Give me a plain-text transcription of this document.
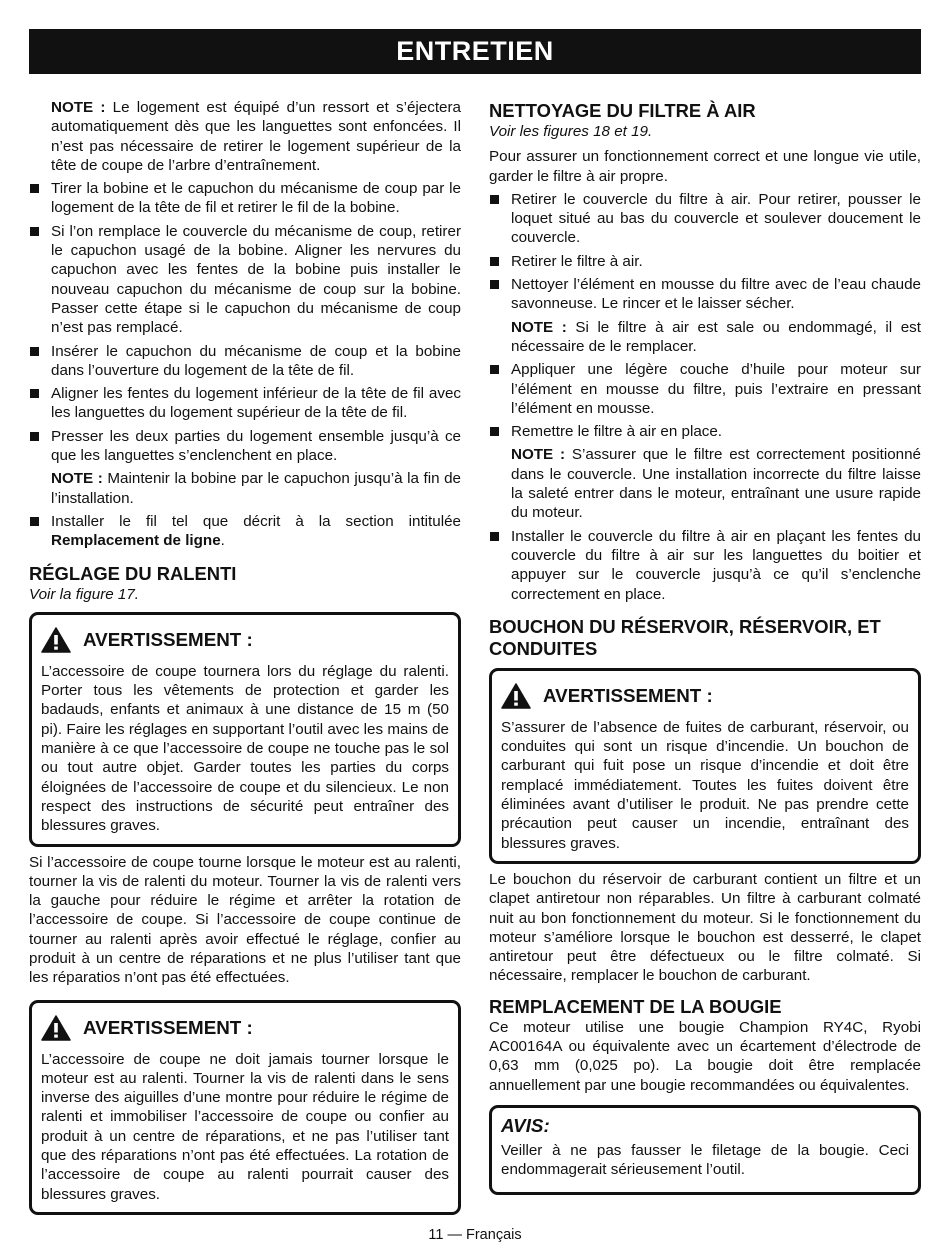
ENTRETIEN

NOTE : Le logement est équipé d’un ressort et s’éjectera automatiquement dès que les languettes sont enfoncées. Il n’est pas nécessaire de retirer le logement supérieur de la tête de coupe de l’arbre d’entraînement.

Tirer la bobine et le capuchon du mécanisme de coup par le logement de la tête de fil et retirer le fil de la bobine.
Si l’on remplace le couvercle du mécanisme de coup, retirer le capuchon usagé de la bobine. Aligner les nervures du capuchon avec les fentes de la bobine puis installer le nouveau capuchon du mécanisme de coup sur la bobine. Passer cette étape si le capuchon du mécanisme de coup n’est pas remplacé.
Insérer le capuchon du mécanisme de coup et la bobine dans l’ouverture du logement de la tête de fil.
Aligner les fentes du logement inférieur de la tête de fil avec les languettes du logement supérieur de la tête de fil.
Presser les deux parties du logement ensemble jusqu’à ce que les languettes s’enclenchent en place.

NOTE : Maintenir la bobine par le capuchon jusqu’à la fin de l’installation.

Installer le fil tel que décrit à la section intitulée Remplacement de ligne.
RÉGLAGE DU RALENTI

Voir la figure 17.

AVERTISSEMENT :

L’accessoire de coupe tournera lors du réglage du ralenti. Porter tous les vêtements de protection et garder les badauds, enfants et animaux à une distance de 15 m (50 pi). Faire les réglages en supportant l’outil avec les mains de manière à ce que l’accessoire de coupe ne touche pas le sol ou tout autre objet. Garder toutes les parties du corps éloignées de l’accessoire de coupe et du silencieux. Le non respect des instructions de sécurité peut entraîner des blessures graves.

Si l’accessoire de coupe tourne lorsque le moteur est au ralenti, tourner la vis de ralenti du moteur. Tourner la vis de ralenti vers la gauche pour réduire le régime et arrêter la rotation de l’accessoire de coupe. Si l’accessoire de coupe continue de tourner au ralenti après avoir effectué le réglage, confier au produit à un centre de réparations et ne plus l’utiliser tant que les réparatios n’ont pas été effectuées.

AVERTISSEMENT :

L’accessoire de coupe ne doit jamais tourner lorsque le moteur est au ralenti. Tourner la vis de ralenti dans le sens inverse des aiguilles d’une montre pour réduire le régime de ralenti et immobiliser l’accessoire de coupe ou confier au produit à un centre de réparations, et ne pas l’utiliser tant que des réparations n’ont pas été effectuées. La rotation de l’accessoire de coupe au ralenti pourrait causer des blessures graves.

NETTOYAGE DU FILTRE À AIR

Voir les figures 18 et 19.

Pour assurer un fonctionnement correct et une longue vie utile, garder le filtre à air propre.

Retirer le couvercle du filtre à air. Pour retirer, pousser le loquet situé au bas du couvercle et soulever doucement le couvercle.
Retirer le filtre à air.
Nettoyer l’élément en mousse du filtre avec de l’eau chaude savonneuse. Le rincer et le laisser sécher.

NOTE : Si le filtre à air est sale ou endommagé, il est nécessaire de le remplacer.

Appliquer une légère couche d’huile pour moteur sur l’élément en mousse du filtre, puis l’extraire en pressant l’élément en mousse.
Remettre le filtre à air en place.

NOTE : S’assurer que le filtre est correctement positionné dans le couvercle. Une installation incorrecte du filtre laisse la saleté entrer dans le moteur, entraînant une usure rapide du moteur.

Installer le couvercle du filtre à air en plaçant les fentes du couvercle du filtre à air sur les languettes du boitier et appuyer sur le couvercle jusqu’à ce qu’il s’enclenche correctement en place.
BOUCHON DU RÉSERVOIR, RÉSERVOIR, ET CONDUITES
AVERTISSEMENT :

S’assurer de l’absence de fuites de carburant, réservoir, ou conduites qui sont un risque d’incendie. Un bouchon de carburant qui fuit pose un risque d’incendie et doit être remplacé immédiatement. Toutes les fuites doivent être éliminées avant d’utiliser le produit. Ne pas prendre cette précaution peut causer un incendie, entraînant des blessures graves.

Le bouchon du réservoir de carburant contient un filtre et un clapet antiretour non réparables. Un filtre à carburant colmaté nuit au bon fonctionnement du moteur. Si le fonctionnement du moteur s’améliore lorsque le bouchon est desserré, le clapet antiretour peut être défectueux ou le filtre colmaté. Si nécessaire, remplacer le bouchon de carburant.

REMPLACEMENT DE LA BOUGIE

Ce moteur utilise une bougie Champion RY4C, Ryobi AC00164A ou équivalente avec un écartement d’électrode de 0,63 mm (0,025 po). La bougie doit être remplacée annuellement par une bougie recommandées ou équivalentes.

AVIS:

Veiller à ne pas fausser le filetage de la bougie. Ceci endommagerait sérieusement l’outil.

11 — Français
